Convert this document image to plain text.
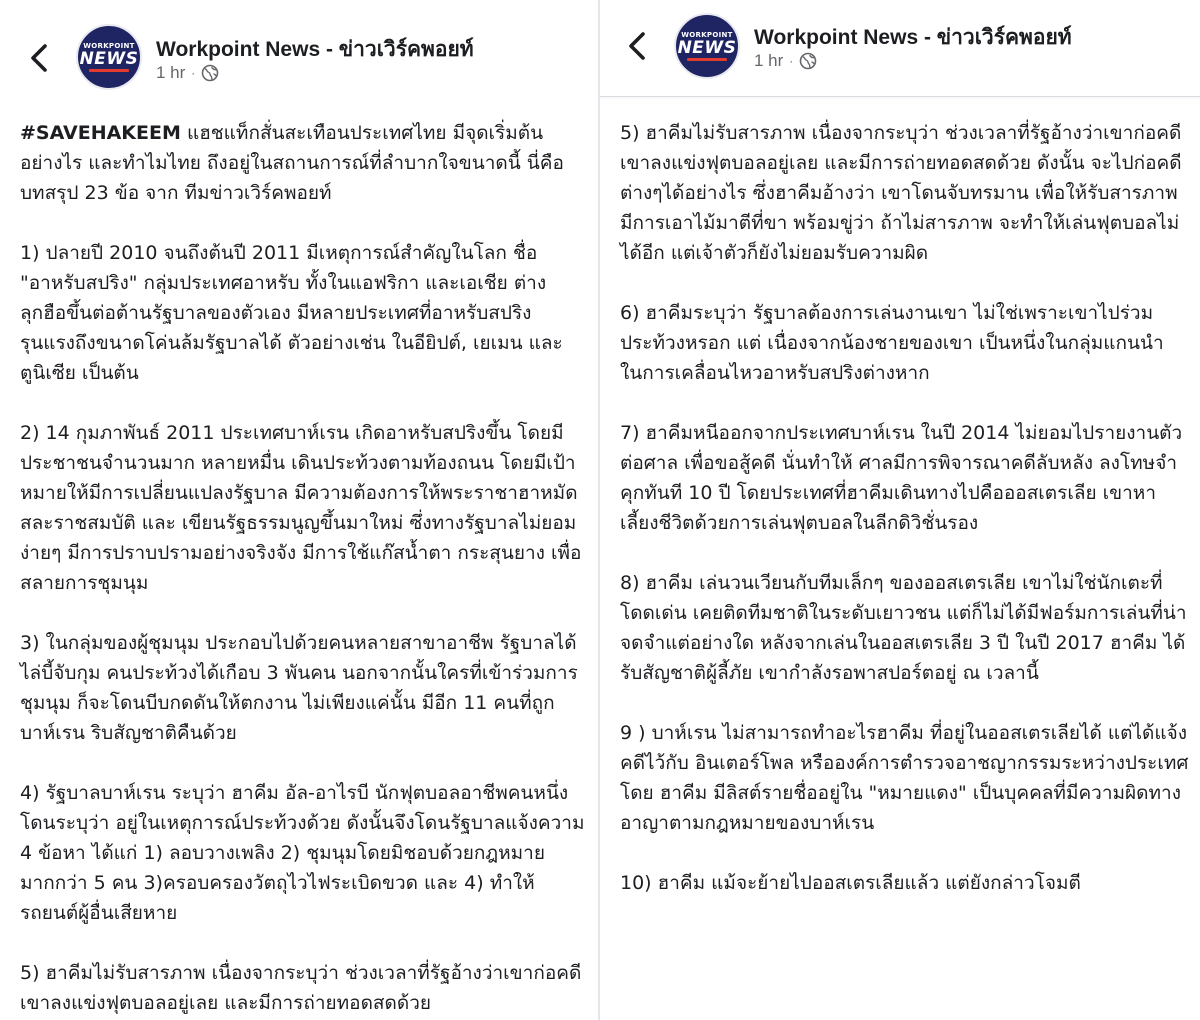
WORKPOINT
NEWS Workpoint News - ข่าวเวิร์คพอยท์
1 hr ·

#SAVEHAKEEM แฮชแท็กสั่นสะเทือนประเทศไทย มีจุดเริ่มต้นอย่างไร และทำไมไทย ถึงอยู่ในสถานการณ์ที่ลำบากใจขนาดนี้ นี่คือบทสรุป 23 ข้อ จาก ทีมข่าวเวิร์คพอยท์

1) ปลายปี 2010 จนถึงต้นปี 2011 มีเหตุการณ์สำคัญในโลก ชื่อ "อาหรับสปริง" กลุ่มประเทศอาหรับ ทั้งในแอฟริกา และเอเชีย ต่างลุกฮือขึ้นต่อต้านรัฐบาลของตัวเอง มีหลายประเทศที่อาหรับสปริง รุนแรงถึงขนาดโค่นล้มรัฐบาลได้ ตัวอย่างเช่น ในอียิปต์, เยเมน และ ตูนิเซีย เป็นต้น

2) 14 กุมภาพันธ์ 2011 ประเทศบาห์เรน เกิดอาหรับสปริงขึ้น โดยมีประชาชนจำนวนมาก หลายหมื่น เดินประท้วงตามท้องถนน โดยมีเป้าหมายให้มีการเปลี่ยนแปลงรัฐบาล มีความต้องการให้พระราชาฮาหมัด สละราชสมบัติ และ เขียนรัฐธรรมนูญขึ้นมาใหม่ ซึ่งทางรัฐบาลไม่ยอมง่ายๆ มีการปราบปรามอย่างจริงจัง มีการใช้แก๊สน้ำตา กระสุนยาง เพื่อสลายการชุมนุม

3) ในกลุ่มของผู้ชุมนุม ประกอบไปด้วยคนหลายสาขาอาชีพ รัฐบาลได้ไล่บี้จับกุม คนประท้วงได้เกือบ 3 พันคน นอกจากนั้นใครที่เข้าร่วมการชุมนุม ก็จะโดนบีบกดดันให้ตกงาน ไม่เพียงแค่นั้น มีอีก 11 คนที่ถูกบาห์เรน ริบสัญชาติคืนด้วย

4) รัฐบาลบาห์เรน ระบุว่า ฮาคีม อัล-อาไรบี นักฟุตบอลอาชีพคนหนึ่ง โดนระบุว่า อยู่ในเหตุการณ์ประท้วงด้วย ดังนั้นจึงโดนรัฐบาลแจ้งความ 4 ข้อหา ได้แก่ 1) ลอบวางเพลิง 2) ชุมนุมโดยมิชอบด้วยกฎหมายมากกว่า 5 คน 3)ครอบครองวัตถุไวไฟระเบิดขวด และ 4) ทำให้รถยนต์ผู้อื่นเสียหาย

5) ฮาคีมไม่รับสารภาพ เนื่องจากระบุว่า ช่วงเวลาที่รัฐอ้างว่าเขาก่อคดี เขาลงแข่งฟุตบอลอยู่เลย และมีการถ่ายทอดสดด้วย

WORKPOINT
NEWS Workpoint News - ข่าวเวิร์คพอยท์
1 hr ·

5) ฮาคีมไม่รับสารภาพ เนื่องจากระบุว่า ช่วงเวลาที่รัฐอ้างว่าเขาก่อคดี เขาลงแข่งฟุตบอลอยู่เลย และมีการถ่ายทอดสดด้วย ดังนั้น จะไปก่อคดีต่างๆได้อย่างไร ซึ่งฮาคีมอ้างว่า เขาโดนจับทรมาน เพื่อให้รับสารภาพ มีการเอาไม้มาตีที่ขา พร้อมขู่ว่า ถ้าไม่สารภาพ จะทำให้เล่นฟุตบอลไม่ได้อีก แต่เจ้าตัวก็ยังไม่ยอมรับความผิด

6) ฮาคีมระบุว่า รัฐบาลต้องการเล่นงานเขา ไม่ใช่เพราะเขาไปร่วมประท้วงหรอก แต่ เนื่องจากน้องชายของเขา เป็นหนึ่งในกลุ่มแกนนำ ในการเคลื่อนไหวอาหรับสปริงต่างหาก

7) ฮาคีมหนีออกจากประเทศบาห์เรน ในปี 2014 ไม่ยอมไปรายงานตัวต่อศาล เพื่อขอสู้คดี นั่นทำให้ ศาลมีการพิจารณาคดีลับหลัง ลงโทษจำคุกทันที 10 ปี โดยประเทศที่ฮาคีมเดินทางไปคือออสเตรเลีย เขาหาเลี้ยงชีวิตด้วยการเล่นฟุตบอลในลีกดิวิชั่นรอง

8) ฮาคีม เล่นวนเวียนกับทีมเล็กๆ ของออสเตรเลีย เขาไม่ใช่นักเตะที่โดดเด่น เคยติดทีมชาติในระดับเยาวชน แต่ก็ไม่ได้มีฟอร์มการเล่นที่น่าจดจำแต่อย่างใด หลังจากเล่นในออสเตรเลีย 3 ปี ในปี 2017 ฮาคีม ได้รับสัญชาติผู้ลี้ภัย เขากำลังรอพาสปอร์ตอยู่ ณ เวลานี้

9 ) บาห์เรน ไม่สามารถทำอะไรฮาคีม ที่อยู่ในออสเตรเลียได้ แต่ได้แจ้งคดีไว้กับ อินเตอร์โพล หรือองค์การตำรวจอาชญากรรมระหว่างประเทศ โดย ฮาคีม มีลิสต์รายชื่ออยู่ใน "หมายแดง" เป็นบุคคลที่มีความผิดทางอาญาตามกฎหมายของบาห์เรน

10) ฮาคีม แม้จะย้ายไปออสเตรเลียแล้ว แต่ยังกล่าวโจมตี
